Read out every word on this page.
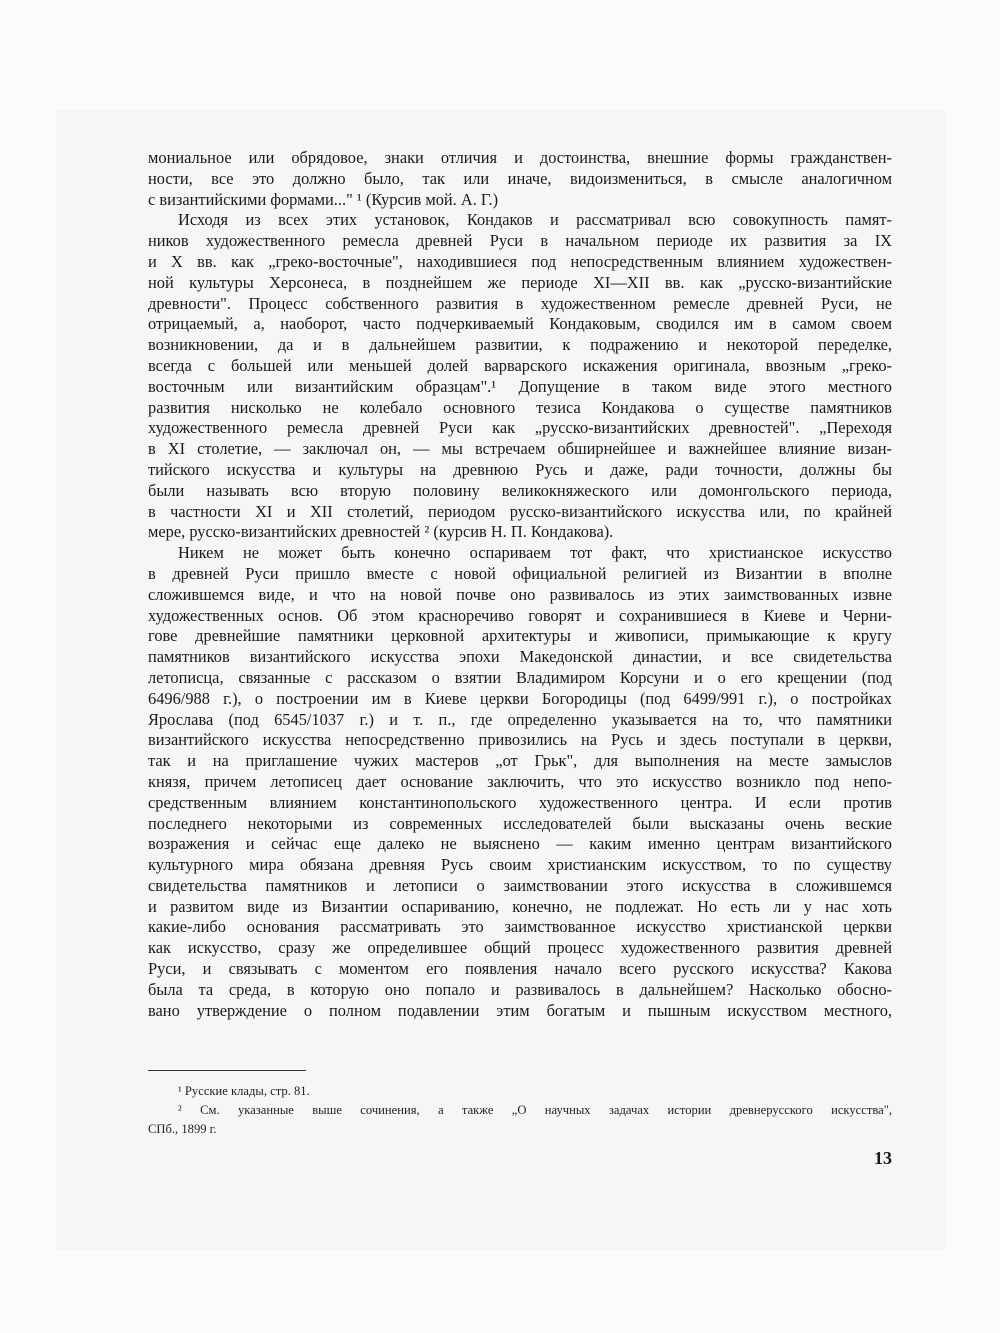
мониальное или обрядовое, знаки отличия и достоинства, внешние формы гражданствен-
ности, все это должно было, так или иначе, видоизмениться, в смысле аналогичном
с византийскими формами..." ¹ (Курсив мой. А. Г.)
Исходя из всех этих установок, Кондаков и рассматривал всю совокупность памят-
ников художественного ремесла древней Руси в начальном периоде их развития за IX
и X вв. как „греко-восточные", находившиеся под непосредственным влиянием художествен-
ной культуры Херсонеса, в позднейшем же периоде XI—XII вв. как „русско-византийские
древности". Процесс собственного развития в художественном ремесле древней Руси, не
отрицаемый, а, наоборот, часто подчеркиваемый Кондаковым, сводился им в самом своем
возникновении, да и в дальнейшем развитии, к подражению и некоторой переделке,
всегда с большей или меньшей долей варварского искажения оригинала, ввозным „греко-
восточным или византийским образцам".¹ Допущение в таком виде этого местного
развития нисколько не колебало основного тезиса Кондакова о существе памятников
художественного ремесла древней Руси как „русско-византийских древностей". „Переходя
в XI столетие, — заключал он, — мы встречаем обширнейшее и важнейшее влияние визан-
тийского искусства и культуры на древнюю Русь и даже, ради точности, должны бы
были называть всю вторую половину великокняжеского или домонгольского периода,
в частности XI и XII столетий, периодом русско-византийского искусства или, по крайней
мере, русско-византийских древностей ² (курсив Н. П. Кондакова).
Никем не может быть конечно оспариваем тот факт, что христианское искусство
в древней Руси пришло вместе с новой официальной религией из Византии в вполне
сложившемся виде, и что на новой почве оно развивалось из этих заимствованных извне
художественных основ. Об этом красноречиво говорят и сохранившиеся в Киеве и Черни-
гове древнейшие памятники церковной архитектуры и живописи, примыкающие к кругу
памятников византийского искусства эпохи Македонской династии, и все свидетельства
летописца, связанные с рассказом о взятии Владимиром Корсуни и о его крещении (под
6496/988 г.), о построении им в Киеве церкви Богородицы (под 6499/991 г.), о постройках
Ярослава (под 6545/1037 г.) и т. п., где определенно указывается на то, что памятники
византийского искусства непосредственно привозились на Русь и здесь поступали в церкви,
так и на приглашение чужих мастеров „от Грьк", для выполнения на месте замыслов
князя, причем летописец дает основание заключить, что это искусство возникло под непо-
средственным влиянием константинопольского художественного центра. И если против
последнего некоторыми из современных исследователей были высказаны очень веские
возражения и сейчас еще далеко не выяснено — каким именно центрам византийского
культурного мира обязана древняя Русь своим христианским искусством, то по существу
свидетельства памятников и летописи о заимствовании этого искусства в сложившемся
и развитом виде из Византии оспариванию, конечно, не подлежат. Но есть ли у нас хоть
какие-либо основания рассматривать это заимствованное искусство христианской церкви
как искусство, сразу же определившее общий процесс художественного развития древней
Руси, и связывать с моментом его появления начало всего русского искусства? Какова
была та среда, в которую оно попало и развивалось в дальнейшем? Насколько обосно-
вано утверждение о полном подавлении этим богатым и пышным искусством местного,
¹ Русские клады, стр. 81.
² См. указанные выше сочинения, а также „О научных задачах истории древнерусского искусства",
СПб., 1899 г.
13
